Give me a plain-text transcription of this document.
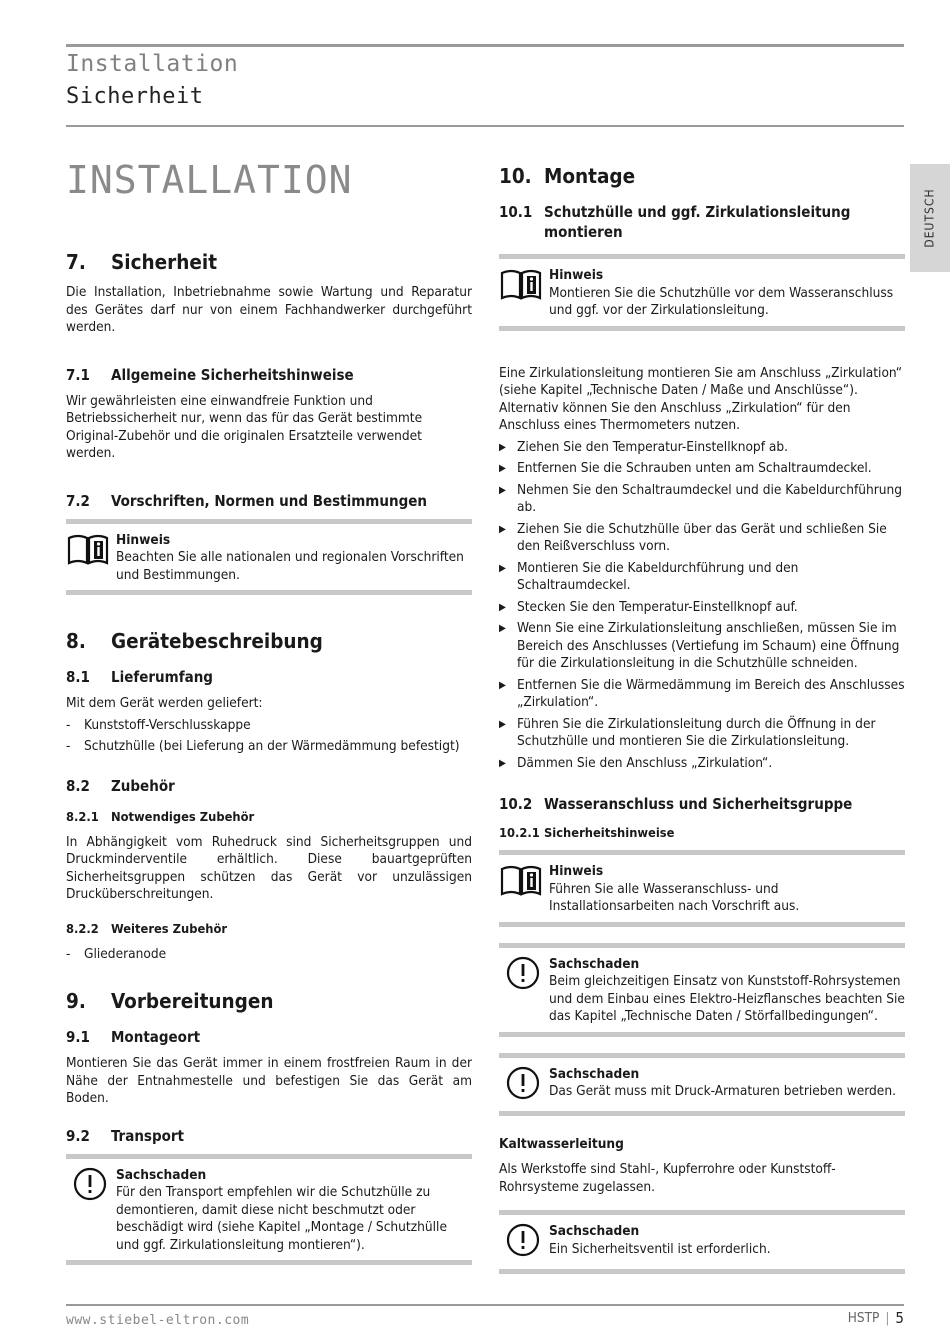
Installation
Sicherheit
DEUTSCH
INSTALLATION
7.	Sicherheit

Die Installation, Inbetriebnahme sowie Wartung und Reparatur des Gerätes darf nur von einem Fachhandwerker durchgeführt werden.

7.1	Allgemeine Sicherheitshinweise

Wir gewährleisten eine einwandfreie Funktion und Betriebssicherheit nur, wenn das für das Gerät bestimmte Original-Zubehör und die originalen Ersatzteile verwendet werden.

7.2	Vorschriften, Normen und Bestimmungen
Hinweis
Beachten Sie alle nationalen und regionalen Vorschriften und Bestimmungen.
8.	Gerätebeschreibung
8.1	Lieferumfang

Mit dem Gerät werden geliefert:

- Kunststoff-Verschlusskappe
- Schutzhülle (bei Lieferung an der Wärmedämmung befestigt)
8.2	Zubehör
8.2.1 Notwendiges Zubehör

In Abhängigkeit vom Ruhedruck sind Sicherheitsgruppen und Druckminderventile erhältlich. Diese bauartgeprüften Sicherheitsgruppen schützen das Gerät vor unzulässigen Drucküberschreitungen.

8.2.2 Weiteres Zubehör
- Gliederanode
9.	Vorbereitungen
9.1	Montageort

Montieren Sie das Gerät immer in einem frostfreien Raum in der Nähe der Entnahmestelle und befestigen Sie das Gerät am Boden.

9.2	Transport
Sachschaden
Für den Transport empfehlen wir die Schutzhülle zu demontieren, damit diese nicht beschmutzt oder beschädigt wird (siehe Kapitel „Montage / Schutzhülle und ggf. Zirkulationsleitung montieren“).
10. Montage
10.1 Schutzhülle und ggf. Zirkulationsleitung montieren
Hinweis
Montieren Sie die Schutzhülle vor dem Wasseranschluss und ggf. vor der Zirkulationsleitung.

Eine Zirkulationsleitung montieren Sie am Anschluss „Zirkulation“ (siehe Kapitel „Technische Daten / Maße und Anschlüsse“). Alternativ können Sie den Anschluss „Zirkulation“ für den Anschluss eines Thermometers nutzen.

▶ Ziehen Sie den Temperatur-Einstellknopf ab.
▶ Entfernen Sie die Schrauben unten am Schaltraumdeckel.
▶ Nehmen Sie den Schaltraumdeckel und die Kabeldurchführung ab.
▶ Ziehen Sie die Schutzhülle über das Gerät und schließen Sie den Reißverschluss vorn.
▶ Montieren Sie die Kabeldurchführung und den Schaltraumdeckel.
▶ Stecken Sie den Temperatur-Einstellknopf auf.
▶ Wenn Sie eine Zirkulationsleitung anschließen, müssen Sie im Bereich des Anschlusses (Vertiefung im Schaum) eine Öffnung für die Zirkulationsleitung in die Schutzhülle schneiden.
▶ Entfernen Sie die Wärmedämmung im Bereich des Anschlusses „Zirkulation“.
▶ Führen Sie die Zirkulationsleitung durch die Öffnung in der Schutzhülle und montieren Sie die Zirkulationsleitung.
▶ Dämmen Sie den Anschluss „Zirkulation“.
10.2 Wasseranschluss und Sicherheitsgruppe
10.2.1 Sicherheitshinweise
Hinweis
Führen Sie alle Wasseranschluss- und Installationsarbeiten nach Vorschrift aus.
Sachschaden
Beim gleichzeitigen Einsatz von Kunststoff-Rohrsystemen und dem Einbau eines Elektro-Heizflansches beachten Sie das Kapitel „Technische Daten / Störfallbedingungen“.
Sachschaden
Das Gerät muss mit Druck-Armaturen betrieben werden.
Kaltwasserleitung

Als Werkstoffe sind Stahl-, Kupferrohre oder Kunststoff-Rohrsysteme zugelassen.

Sachschaden
Ein Sicherheitsventil ist erforderlich.
www.stiebel-eltron.com	HSTP | 5
